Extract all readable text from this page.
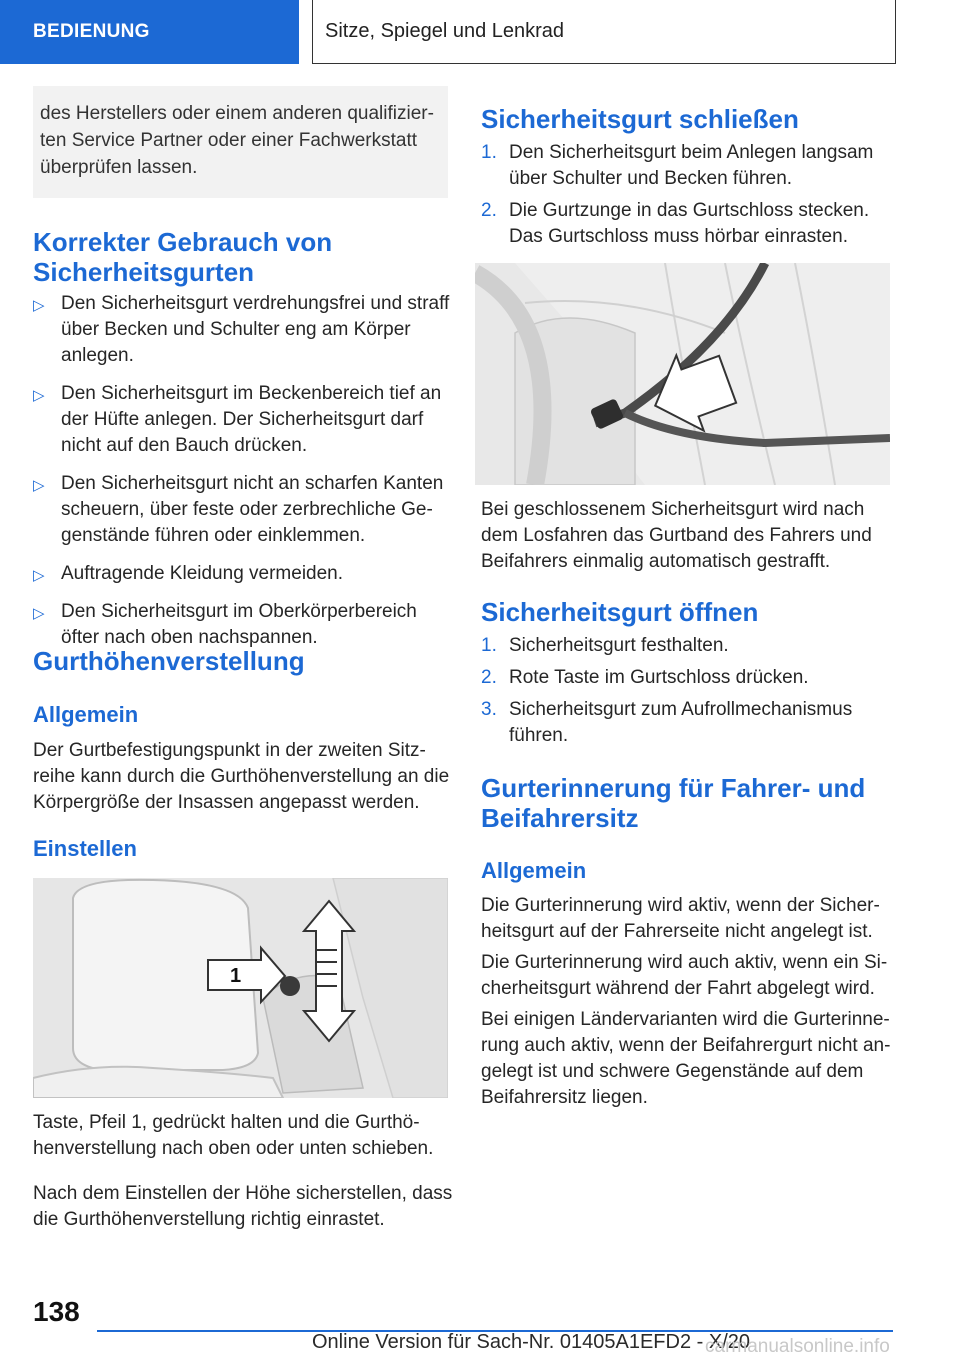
BEDIENUNG	Sitze, Spiegel und Lenkrad
des Herstellers oder einem anderen qualifizierten Service Partner oder einer Fachwerkstatt überprüfen lassen.
Korrekter Gebrauch von Sicherheitsgurten
▷ Den Sicherheitsgurt verdrehungsfrei und straff über Becken und Schulter eng am Körper anlegen.
▷ Den Sicherheitsgurt im Beckenbereich tief an der Hüfte anlegen. Der Sicherheitsgurt darf nicht auf den Bauch drücken.
▷ Den Sicherheitsgurt nicht an scharfen Kanten scheuern, über feste oder zerbrechliche Gegenstände führen oder einklemmen.
▷ Auftragende Kleidung vermeiden.
▷ Den Sicherheitsgurt im Oberkörperbereich öfter nach oben nachspannen.
Gurthöhenverstellung
Allgemein
Der Gurtbefestigungspunkt in der zweiten Sitzreihe kann durch die Gurthöhenverstellung an die Körpergröße der Insassen angepasst werden.
Einstellen
1
Taste, Pfeil 1, gedrückt halten und die Gurthöhenverstellung nach oben oder unten schieben.
Nach dem Einstellen der Höhe sicherstellen, dass die Gurthöhenverstellung richtig einrastet.
Sicherheitsgurt schließen
1. Den Sicherheitsgurt beim Anlegen langsam über Schulter und Becken führen.
2. Die Gurtzunge in das Gurtschloss stecken. Das Gurtschloss muss hörbar einrasten.
Bei geschlossenem Sicherheitsgurt wird nach dem Losfahren das Gurtband des Fahrers und Beifahrers einmalig automatisch gestrafft.
Sicherheitsgurt öffnen
1. Sicherheitsgurt festhalten.
2. Rote Taste im Gurtschloss drücken.
3. Sicherheitsgurt zum Aufrollmechanismus führen.
Gurterinnerung für Fahrer- und Beifahrersitz
Allgemein
Die Gurterinnerung wird aktiv, wenn der Sicherheitsgurt auf der Fahrerseite nicht angelegt ist.
Die Gurterinnerung wird auch aktiv, wenn ein Sicherheitsgurt während der Fahrt abgelegt wird.
Bei einigen Ländervarianten wird die Gurterinnerung auch aktiv, wenn der Beifahrergurt nicht angelegt ist und schwere Gegenstände auf dem Beifahrersitz liegen.
138
Online Version für Sach-Nr. 01405A1EFD2 - X/20
carmanualsonline.info
